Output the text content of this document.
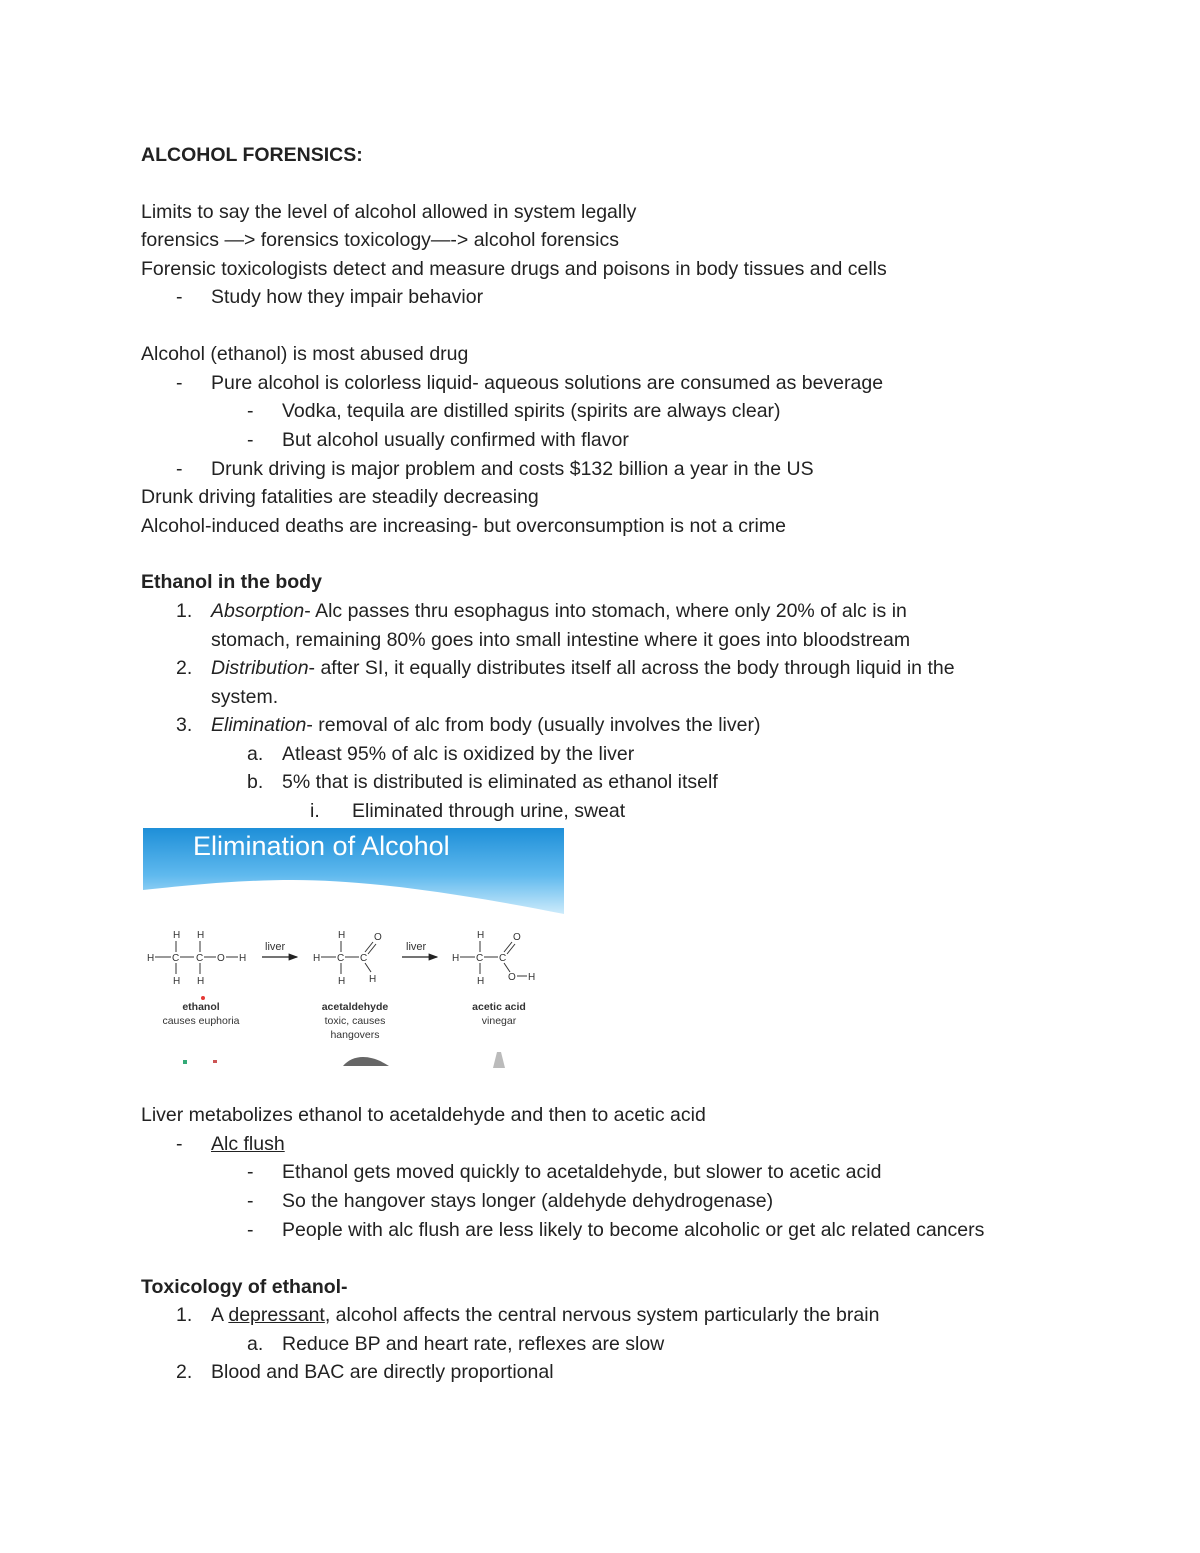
ALCOHOL FORENSICS:
Limits to say the level of alcohol allowed in system legally
forensics —> forensics toxicology—-> alcohol forensics
Forensic toxicologists detect and measure drugs and poisons in body tissues and cells
- Study how they impair behavior
Alcohol (ethanol) is most abused drug
- Pure alcohol is colorless liquid- aqueous solutions are consumed as beverage
- Vodka, tequila are distilled spirits (spirits are always clear)
- But alcohol usually confirmed with flavor
- Drunk driving is major problem and costs $132 billion a year in the US
Drunk driving fatalities are steadily decreasing
Alcohol-induced deaths are increasing- but overconsumption is not a crime
Ethanol in the body
1. Absorption- Alc passes thru esophagus into stomach, where only 20% of alc is in
stomach, remaining 80% goes into small intestine where it goes into bloodstream
2. Distribution- after SI, it equally distributes itself all across the body through liquid in the
system.
3. Elimination- removal of alc from body (usually involves the liver)
a. Atleast 95% of alc is oxidized by the liver
b. 5% that is distributed is eliminated as ethanol itself
i. Eliminated through urine, sweat
Elimination of Alcohol
H H
H C C O H
H H
liver
H
H C C
O
H
H
liver
H
H C C
O
O H
H
ethanol
causes euphoria
acetaldehyde
toxic, causes
hangovers
acetic acid
vinegar
Liver metabolizes ethanol to acetaldehyde and then to acetic acid
- Alc flush
- Ethanol gets moved quickly to acetaldehyde, but slower to acetic acid
- So the hangover stays longer (aldehyde dehydrogenase)
- People with alc flush are less likely to become alcoholic or get alc related cancers
Toxicology of ethanol-
1. A depressant, alcohol affects the central nervous system particularly the brain
a. Reduce BP and heart rate, reflexes are slow
2. Blood and BAC are directly proportional
